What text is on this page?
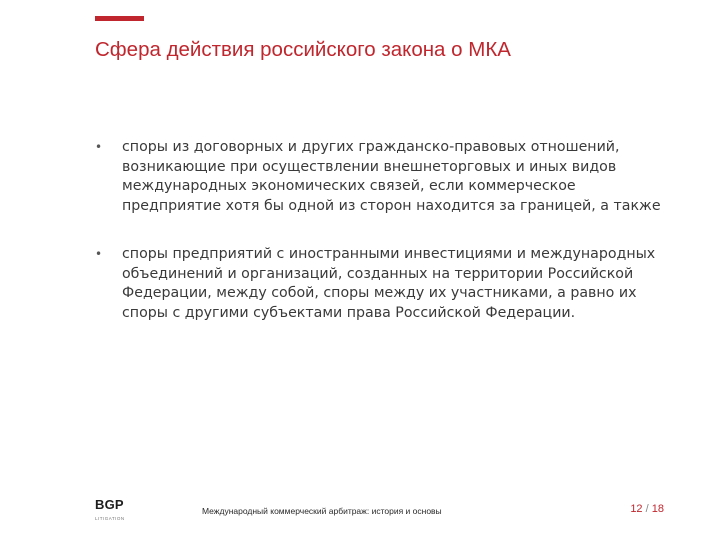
Сфера действия российского закона о МКА
• споры из договорных и других гражданско-правовых отношений, возникающие при осуществлении внешнеторговых и иных видов международных экономических связей, если коммерческое предприятие хотя бы одной из сторон находится за границей, а также
• споры предприятий с иностранными инвестициями и международных объединений и организаций, созданных на территории Российской Федерации, между собой, споры между их участниками, а равно их споры с другими субъектами права Российской Федерации.
BGP
LITIGATION
Международный коммерческий арбитраж: история и основы	12 / 18
